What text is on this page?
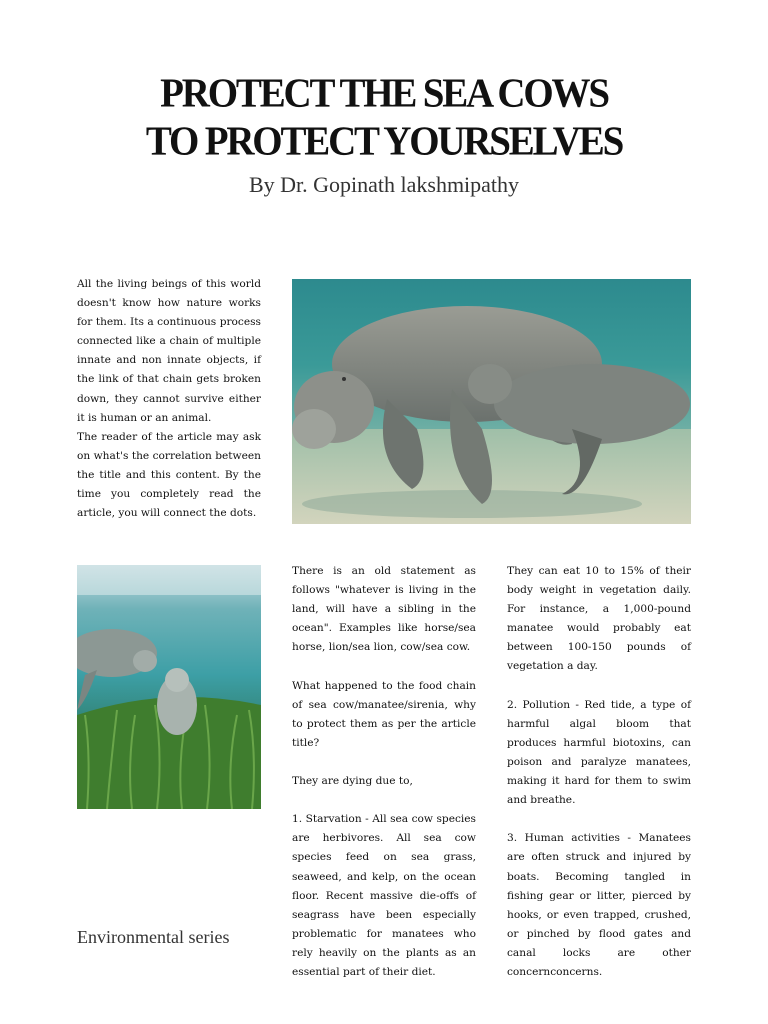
PROTECT THE SEA COWS
TO PROTECT YOURSELVES
By Dr. Gopinath lakshmipathy

All the living beings of this world doesn't know how nature works for them. Its a continuous process connected like a chain of multiple innate and non innate objects, if the link of that chain gets broken down, they cannot survive either it is human or an animal.

The reader of the article may ask on what's the correlation between the title and this content. By the time you completely read the article, you will connect the dots.

There is an old statement as follows "whatever is living in the land, will have a sibling in the ocean". Examples like horse/sea horse, lion/sea lion, cow/sea cow.

What happened to the food chain of sea cow/manatee/sirenia, why to protect them as per the article title?

They are dying due to,

1. Starvation - All sea cow species are herbivores. All sea cow species feed on sea grass, seaweed, and kelp, on the ocean floor. Recent massive die-offs of seagrass have been especially problematic for manatees who rely heavily on the plants as an essential part of their diet.

They can eat 10 to 15% of their body weight in vegetation daily. For instance, a 1,000-pound manatee would probably eat between 100-150 pounds of vegetation a day.

2. Pollution - Red tide, a type of harmful algal bloom that produces harmful biotoxins, can poison and paralyze manatees, making it hard for them to swim and breathe.

3. Human activities - Manatees are often struck and injured by boats. Becoming tangled in fishing gear or litter, pierced by hooks, or even trapped, crushed, or pinched by flood gates and canal locks are other concernconcerns.

Environmental series
